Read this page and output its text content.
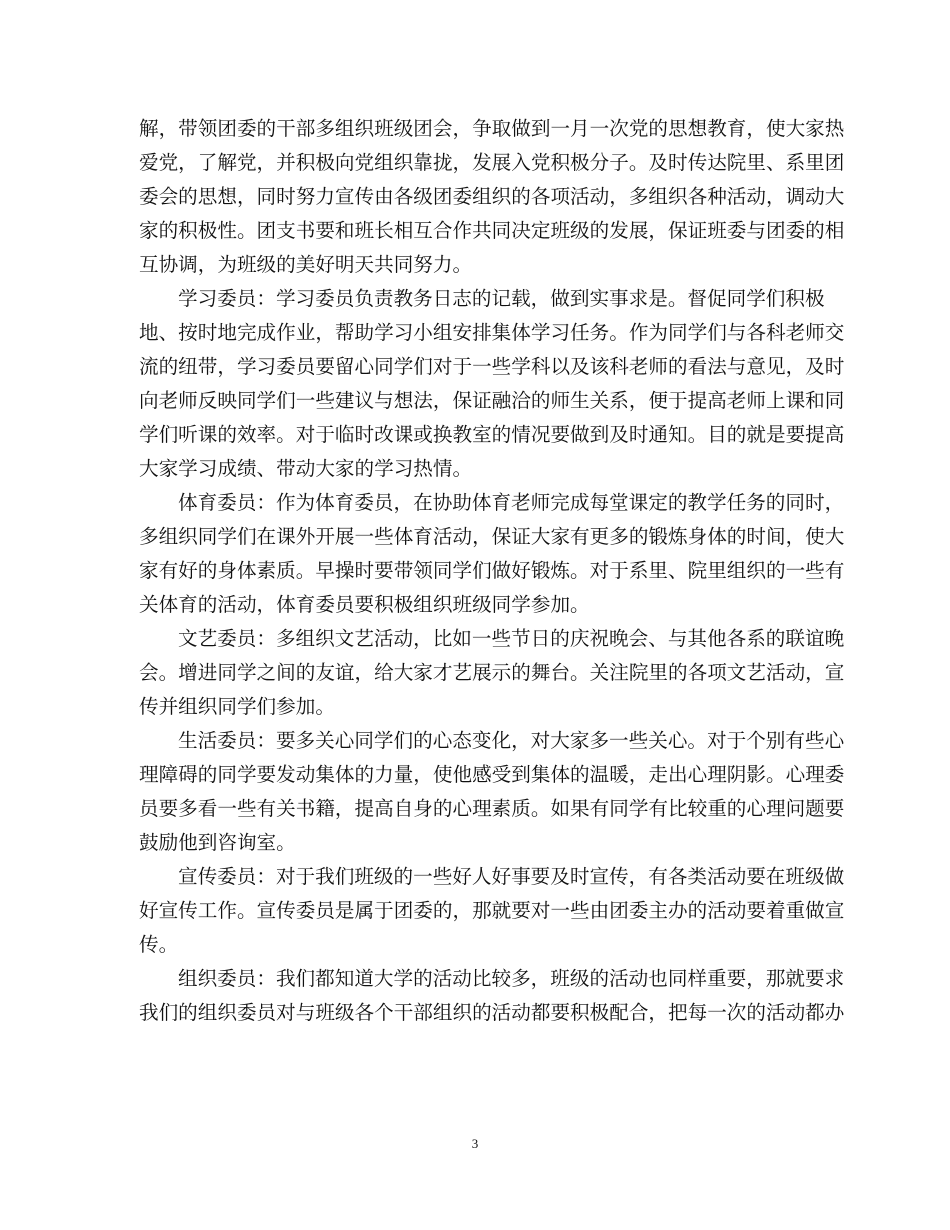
解，带领团委的干部多组织班级团会，争取做到一月一次党的思想教育，使大家热
爱党，了解党，并积极向党组织靠拢，发展入党积极分子。及时传达院里、系里团
委会的思想，同时努力宣传由各级团委组织的各项活动，多组织各种活动，调动大
家的积极性。团支书要和班长相互合作共同决定班级的发展，保证班委与团委的相
互协调，为班级的美好明天共同努力。
学习委员：学习委员负责教务日志的记载，做到实事求是。督促同学们积极
地、按时地完成作业，帮助学习小组安排集体学习任务。作为同学们与各科老师交
流的纽带，学习委员要留心同学们对于一些学科以及该科老师的看法与意见，及时
向老师反映同学们一些建议与想法，保证融洽的师生关系，便于提高老师上课和同
学们听课的效率。对于临时改课或换教室的情况要做到及时通知。目的就是要提高
大家学习成绩、带动大家的学习热情。
体育委员：作为体育委员，在协助体育老师完成每堂课定的教学任务的同时，
多组织同学们在课外开展一些体育活动，保证大家有更多的锻炼身体的时间，使大
家有好的身体素质。早操时要带领同学们做好锻炼。对于系里、院里组织的一些有
关体育的活动，体育委员要积极组织班级同学参加。
文艺委员：多组织文艺活动，比如一些节日的庆祝晚会、与其他各系的联谊晚
会。增进同学之间的友谊，给大家才艺展示的舞台。关注院里的各项文艺活动，宣
传并组织同学们参加。
生活委员：要多关心同学们的心态变化，对大家多一些关心。对于个别有些心
理障碍的同学要发动集体的力量，使他感受到集体的温暖，走出心理阴影。心理委
员要多看一些有关书籍，提高自身的心理素质。如果有同学有比较重的心理问题要
鼓励他到咨询室。
宣传委员：对于我们班级的一些好人好事要及时宣传，有各类活动要在班级做
好宣传工作。宣传委员是属于团委的，那就要对一些由团委主办的活动要着重做宣
传。
组织委员：我们都知道大学的活动比较多，班级的活动也同样重要，那就要求
我们的组织委员对与班级各个干部组织的活动都要积极配合，把每一次的活动都办
3
